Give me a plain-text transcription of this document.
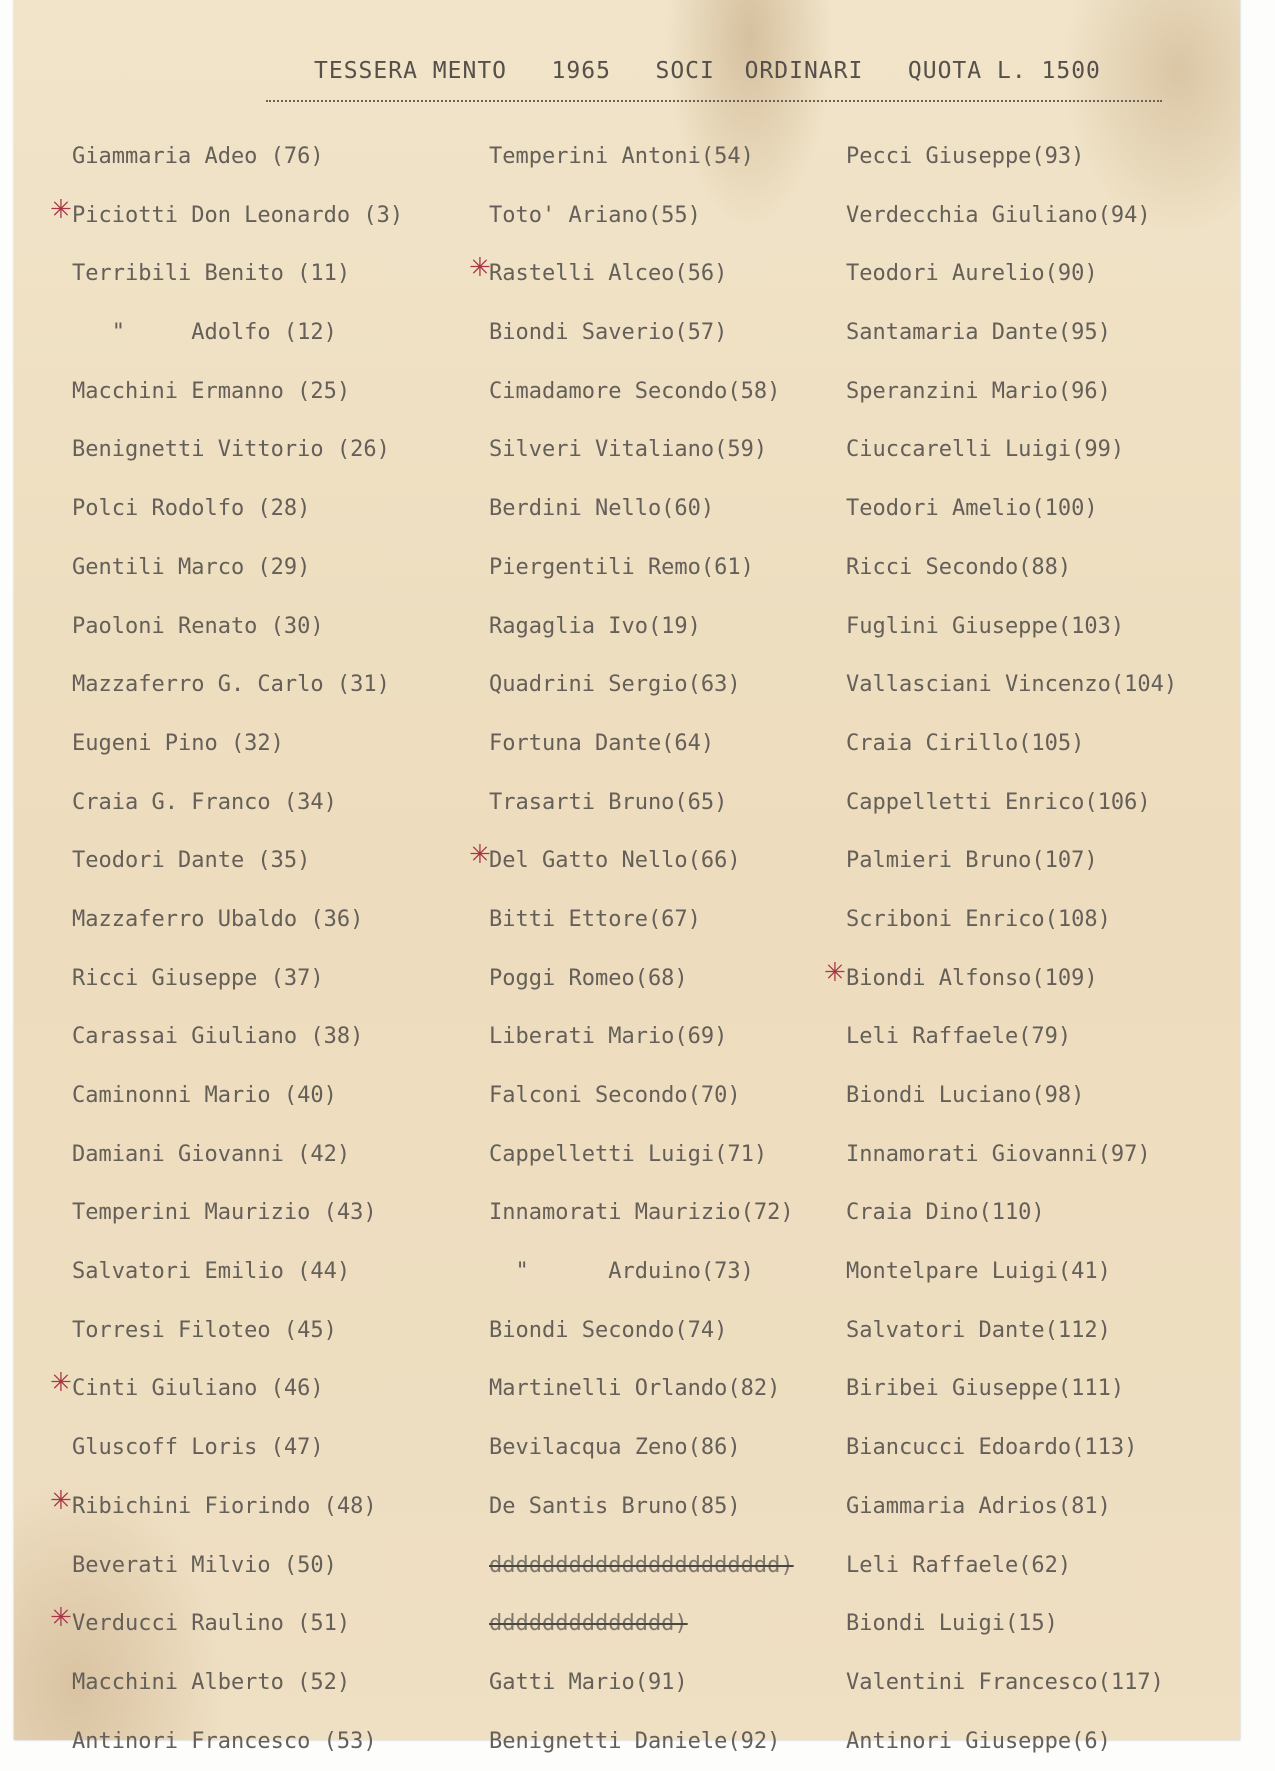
TESSERA MENTO   1965   SOCI  ORDINARI   QUOTA L. 1500
Giammaria Adeo (76)
✳ Piciotti Don Leonardo (3)
Terribili Benito (11)
"     Adolfo (12)
Macchini Ermanno (25)
Benignetti Vittorio (26)
Polci Rodolfo (28)
Gentili Marco (29)
Paoloni Renato (30)
Mazzaferro G. Carlo (31)
Eugeni Pino (32)
Craia G. Franco (34)
Teodori Dante (35)
Mazzaferro Ubaldo (36)
Ricci Giuseppe (37)
Carassai Giuliano (38)
Caminonni Mario (40)
Damiani Giovanni (42)
Temperini Maurizio (43)
Salvatori Emilio (44)
Torresi Filoteo (45)
✳ Cinti Giuliano (46)
Gluscoff Loris (47)
✳ Ribichini Fiorindo (48)
Beverati Milvio (50)
✳ Verducci Raulino (51)
Macchini Alberto (52)
Antinori Francesco (53)
Temperini Antoni(54)
Toto' Ariano(55)
✳
Rastelli Alceo(56)
Biondi Saverio(57)
Cimadamore Secondo(58)
Silveri Vitaliano(59)
Berdini Nello(60)
Piergentili Remo(61)
Ragaglia Ivo(19)
Quadrini Sergio(63)
Fortuna Dante(64)
Trasarti Bruno(65)
✳
Del Gatto Nello(66)
Bitti Ettore(67)
Poggi Romeo(68)
Liberati Mario(69)
Falconi Secondo(70)
Cappelletti Luigi(71)
Innamorati Maurizio(72)
"      Arduino(73)
Biondi Secondo(74)
Martinelli Orlando(82)
Bevilacqua Zeno(86)
De Santis Bruno(85)
dddddddddddddddddddddd)
dddddddddddddd)
Gatti Mario(91)
Benignetti Daniele(92)
Pecci Giuseppe(93)
Verdecchia Giuliano(94)
Teodori Aurelio(90)
Santamaria Dante(95)
Speranzini Mario(96)
Ciuccarelli Luigi(99)
Teodori Amelio(100)
Ricci Secondo(88)
Fuglini Giuseppe(103)
Vallasciani Vincenzo(104)
Craia Cirillo(105)
Cappelletti Enrico(106)
Palmieri Bruno(107)
Scriboni Enrico(108)
✳ Biondi Alfonso(109)
Leli Raffaele(79)
Biondi Luciano(98)
Innamorati Giovanni(97)
Craia Dino(110)
Montelpare Luigi(41)
Salvatori Dante(112)
Biribei Giuseppe(111)
Biancucci Edoardo(113)
Giammaria Adrios(81)
Leli Raffaele(62)
Biondi Luigi(15)
Valentini Francesco(117)
Antinori Giuseppe(6)
